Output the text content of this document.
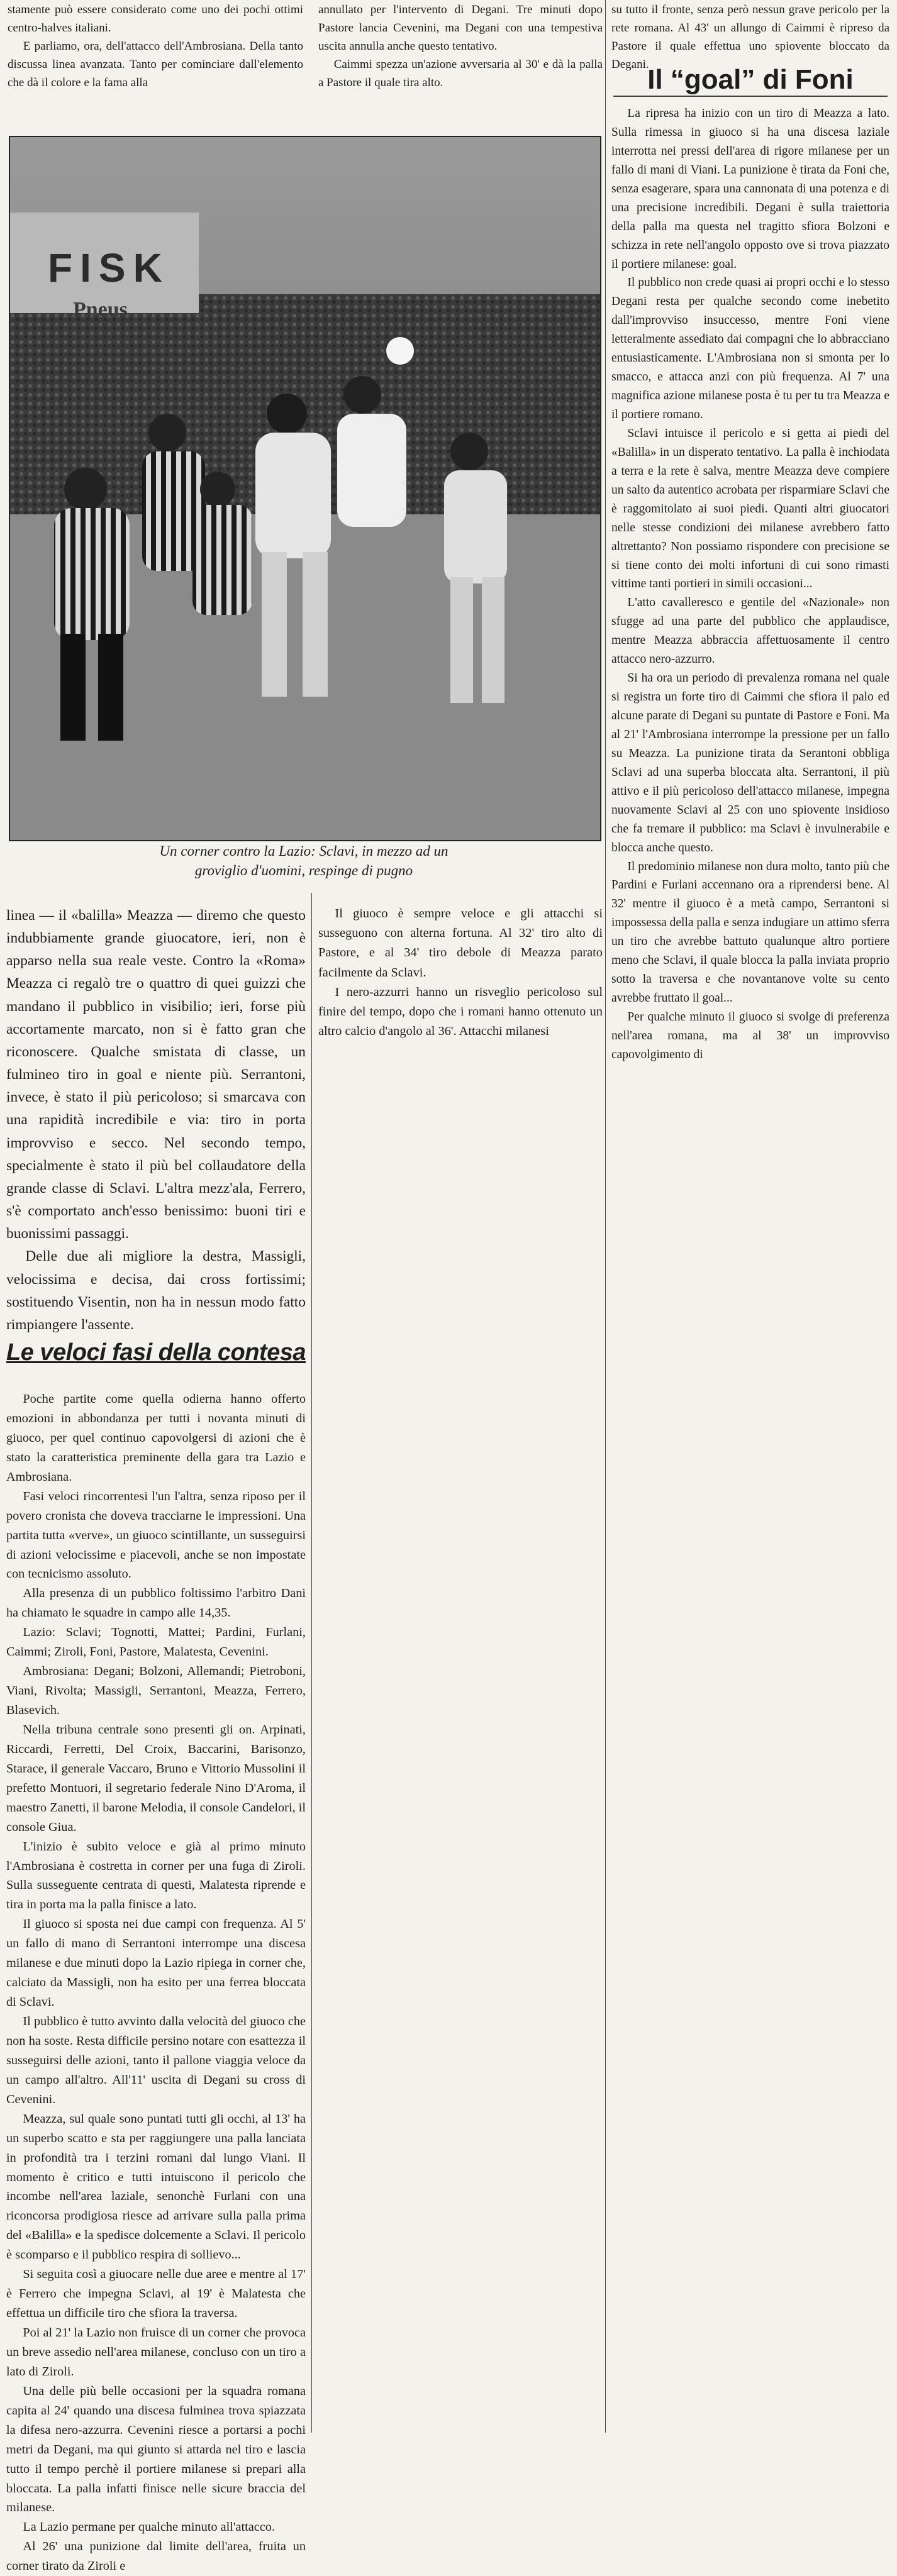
stamente può essere considerato come uno dei pochi ottimi centro-halves italiani.

E parliamo, ora, dell'attacco dell'Ambrosiana. Della tanto discussa linea avanzata. Tanto per cominciare dall'elemento che dà il colore e la fama alla

annullato per l'intervento di Degani. Tre minuti dopo Pastore lancia Cevenini, ma Degani con una tempestiva uscita annulla anche questo tentativo.

Caimmi spezza un'azione avversaria al 30' e dà la palla a Pastore il quale tira alto.

su tutto il fronte, senza però nessun grave pericolo per la rete romana. Al 43' un allungo di Caimmi è ripreso da Pastore il quale effettua uno spiovente bloccato da Degani.

FISK
Pneus
Un corner contro la Lazio: Sclavi, in mezzo ad un
groviglio d'uomini, respinge di pugno
Il “goal” di Foni

La ripresa ha inizio con un tiro di Meazza a lato. Sulla rimessa in giuoco si ha una discesa laziale interrotta nei pressi dell'area di rigore milanese per un fallo di mani di Viani. La punizione è tirata da Foni che, senza esagerare, spara una cannonata di una potenza e di una precisione incredibili. Degani è sulla traiettoria della palla ma questa nel tragitto sfiora Bolzoni e schizza in rete nell'angolo opposto ove si trova piazzato il portiere milanese: goal.

Il pubblico non crede quasi ai propri occhi e lo stesso Degani resta per qualche secondo come inebetito dall'improvviso insuccesso, mentre Foni viene letteralmente assediato dai compagni che lo abbracciano entusiasticamente. L'Ambrosiana non si smonta per lo smacco, e attacca anzi con più frequenza. Al 7' una magnifica azione milanese posta è tu per tu tra Meazza e il portiere romano.

Sclavi intuisce il pericolo e si getta ai piedi del «Balilla» in un disperato tentativo. La palla è inchiodata a terra e la rete è salva, mentre Meazza deve compiere un salto da autentico acrobata per risparmiare Sclavi che è raggomitolato ai suoi piedi. Quanti altri giuocatori nelle stesse condizioni dei milanese avrebbero fatto altrettanto? Non possiamo rispondere con precisione se si tiene conto dei molti infortuni di cui sono rimasti vittime tanti portieri in simili occasioni...

L'atto cavalleresco e gentile del «Nazionale» non sfugge ad una parte del pubblico che applaudisce, mentre Meazza abbraccia affettuosamente il centro attacco nero-azzurro.

Si ha ora un periodo di prevalenza romana nel quale si registra un forte tiro di Caimmi che sfiora il palo ed alcune parate di Degani su puntate di Pastore e Foni. Ma al 21' l'Ambrosiana interrompe la pressione per un fallo su Meazza. La punizione tirata da Serantoni obbliga Sclavi ad una superba bloccata alta. Serrantoni, il più attivo e il più pericoloso dell'attacco milanese, impegna nuovamente Sclavi al 25 con uno spiovente insidioso che fa tremare il pubblico: ma Sclavi è invulnerabile e blocca anche questo.

Il predominio milanese non dura molto, tanto più che Pardini e Furlani accennano ora a riprendersi bene. Al 32' mentre il giuoco è a metà campo, Serrantoni si impossessa della palla e senza indugiare un attimo sferra un tiro che avrebbe battuto qualunque altro portiere meno che Sclavi, il quale blocca la palla inviata proprio sotto la traversa e che novantanove volte su cento avrebbe fruttato il goal...

Per qualche minuto il giuoco si svolge di preferenza nell'area romana, ma al 38' un improvviso capovolgimento di

linea — il «balilla» Meazza — diremo che questo indubbiamente grande giuocatore, ieri, non è apparso nella sua reale veste. Contro la «Roma» Meazza ci regalò tre o quattro di quei guizzi che mandano il pubblico in visibilio; ieri, forse più accortamente marcato, non si è fatto gran che riconoscere. Qualche smistata di classe, un fulmineo tiro in goal e niente più. Serrantoni, invece, è stato il più pericoloso; si smarcava con una rapidità incredibile e via: tiro in porta improvviso e secco. Nel secondo tempo, specialmente è stato il più bel collaudatore della grande classe di Sclavi. L'altra mezz'ala, Ferrero, s'è comportato anch'esso benissimo: buoni tiri e buonissimi passaggi.

Delle due ali migliore la destra, Massigli, velocissima e decisa, dai cross fortissimi; sostituendo Visentin, non ha in nessun modo fatto rimpiangere l'assente.

Le veloci fasi della contesa

Poche partite come quella odierna hanno offerto emozioni in abbondanza per tutti i novanta minuti di giuoco, per quel continuo capovolgersi di azioni che è stato la caratteristica preminente della gara tra Lazio e Ambrosiana.

Fasi veloci rincorrentesi l'un l'altra, senza riposo per il povero cronista che doveva tracciarne le impressioni. Una partita tutta «verve», un giuoco scintillante, un susseguirsi di azioni velocissime e piacevoli, anche se non impostate con tecnicismo assoluto.

Alla presenza di un pubblico foltissimo l'arbitro Dani ha chiamato le squadre in campo alle 14,35.

Lazio: Sclavi; Tognotti, Mattei; Pardini, Furlani, Caimmi; Ziroli, Foni, Pastore, Malatesta, Cevenini.

Ambrosiana: Degani; Bolzoni, Allemandi; Pietroboni, Viani, Rivolta; Massigli, Serrantoni, Meazza, Ferrero, Blasevich.

Nella tribuna centrale sono presenti gli on. Arpinati, Riccardi, Ferretti, Del Croix, Baccarini, Barisonzo, Starace, il generale Vaccaro, Bruno e Vittorio Mussolini il prefetto Montuori, il segretario federale Nino D'Aroma, il maestro Zanetti, il barone Melodia, il console Candelori, il console Giua.

L'inizio è subito veloce e già al primo minuto l'Ambrosiana è costretta in corner per una fuga di Ziroli. Sulla susseguente centrata di questi, Malatesta riprende e tira in porta ma la palla finisce a lato.

Il giuoco si sposta nei due campi con frequenza. Al 5' un fallo di mano di Serrantoni interrompe una discesa milanese e due minuti dopo la Lazio ripiega in corner che, calciato da Massigli, non ha esito per una ferrea bloccata di Sclavi.

Il pubblico è tutto avvinto dalla velocità del giuoco che non ha soste. Resta difficile persino notare con esattezza il susseguirsi delle azioni, tanto il pallone viaggia veloce da un campo all'altro. All'11' uscita di Degani su cross di Cevenini.

Meazza, sul quale sono puntati tutti gli occhi, al 13' ha un superbo scatto e sta per raggiungere una palla lanciata in profondità tra i terzini romani dal lungo Viani. Il momento è critico e tutti intuiscono il pericolo che incombe nell'area laziale, senonchè Furlani con una riconcorsa prodigiosa riesce ad arrivare sulla palla prima del «Balilla» e la spedisce dolcemente a Sclavi. Il pericolo è scomparso e il pubblico respira di sollievo...

Si seguita così a giuocare nelle due aree e mentre al 17' è Ferrero che impegna Sclavi, al 19' è Malatesta che effettua un difficile tiro che sfiora la traversa.

Poi al 21' la Lazio non fruisce di un corner che provoca un breve assedio nell'area milanese, concluso con un tiro a lato di Ziroli.

Una delle più belle occasioni per la squadra romana capita al 24' quando una discesa fulminea trova spiazzata la difesa nero-azzurra. Cevenini riesce a portarsi a pochi metri da Degani, ma qui giunto si attarda nel tiro e lascia tutto il tempo perchè il portiere milanese si prepari alla bloccata. La palla infatti finisce nelle sicure braccia del milanese.

La Lazio permane per qualche minuto all'attacco.

Al 26' una punizione dal limite dell'area, fruita un corner tirato da Ziroli e

Il giuoco è sempre veloce e gli attacchi si susseguono con alterna fortuna. Al 32' tiro alto di Pastore, e al 34' tiro debole di Meazza parato facilmente da Sclavi.

I nero-azzurri hanno un risveglio pericoloso sul finire del tempo, dopo che i romani hanno ottenuto un altro calcio d'angolo al 36'. Attacchi milanesi
